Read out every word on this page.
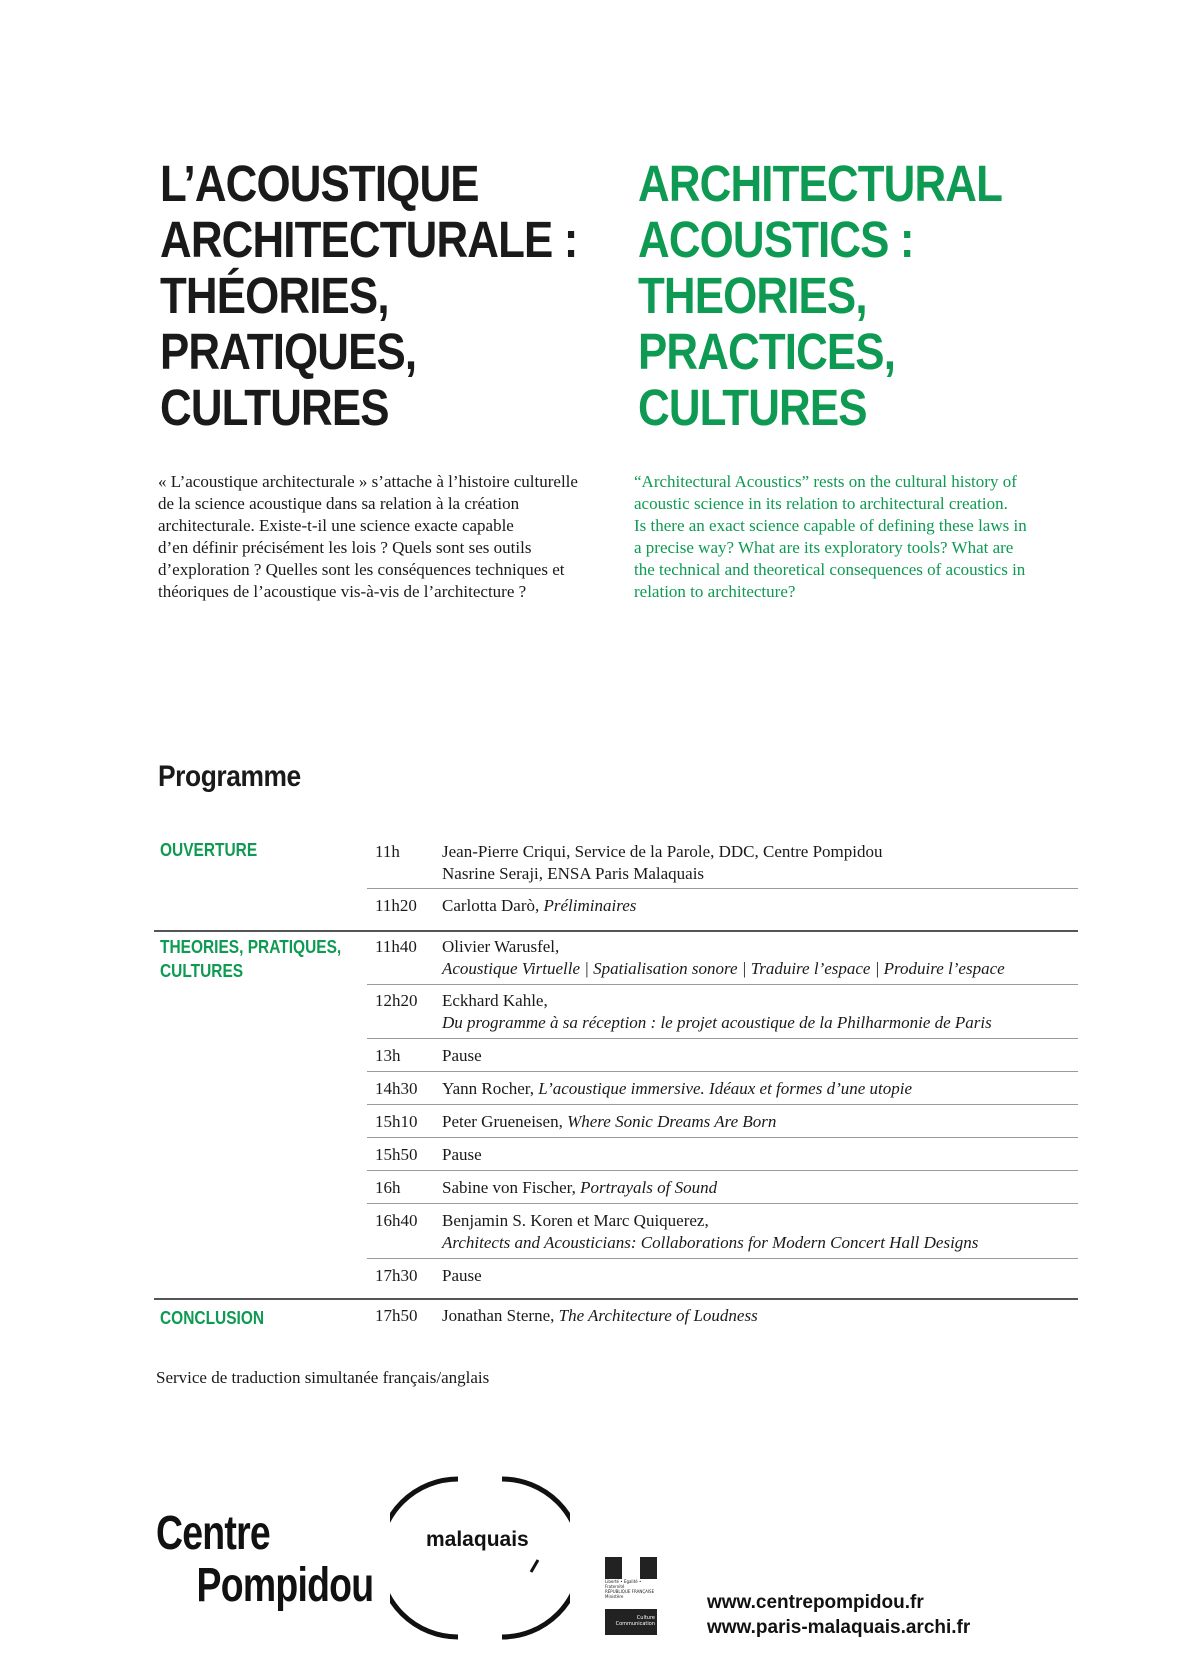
L’ACOUSTIQUE
ARCHITECTURALE :
THÉORIES,
PRATIQUES,
CULTURES
ARCHITECTURAL
ACOUSTICS :
THEORIES,
PRACTICES,
CULTURES
« L’acoustique architecturale » s’attache à l’histoire culturelle
de la science acoustique dans sa relation à la création
architecturale. Existe-t-il une science exacte capable
d’en définir précisément les lois ? Quels sont ses outils
d’exploration ? Quelles sont les conséquences techniques et
théoriques de l’acoustique vis-à-vis de l’architecture ?
“Architectural Acoustics” rests on the cultural history of
acoustic science in its relation to architectural creation.
Is there an exact science capable of defining these laws in
a precise way? What are its exploratory tools? What are
the technical and theoretical consequences of acoustics in
relation to architecture?
Programme
OUVERTURE
THEORIES, PRATIQUES,
CULTURES
CONCLUSION
11h Jean-Pierre Criqui, Service de la Parole, DDC, Centre Pompidou
Nasrine Seraji, ENSA Paris Malaquais
11h20 Carlotta Darò, Préliminaires
11h40 Olivier Warusfel,
Acoustique Virtuelle | Spatialisation sonore | Traduire l’espace | Produire l’espace
12h20 Eckhard Kahle,
Du programme à sa réception : le projet acoustique de la Philharmonie de Paris
13h Pause
14h30 Yann Rocher, L’acoustique immersive. Idéaux et formes d’une utopie
15h10 Peter Grueneisen, Where Sonic Dreams Are Born
15h50 Pause
16h Sabine von Fischer, Portrayals of Sound
16h40 Benjamin S. Koren et Marc Quiquerez,
Architects and Acousticians: Collaborations for Modern Concert Hall Designs
17h30 Pause
17h50 Jonathan Sterne, The Architecture of Loudness
Service de traduction simultanée français/anglais
Centre
Pompidou
malaquais
Liberté • Égalité • Fraternité
RÉPUBLIQUE FRANÇAISE
Ministère
Culture
Communication
www.centrepompidou.fr
www.paris-malaquais.archi.fr
